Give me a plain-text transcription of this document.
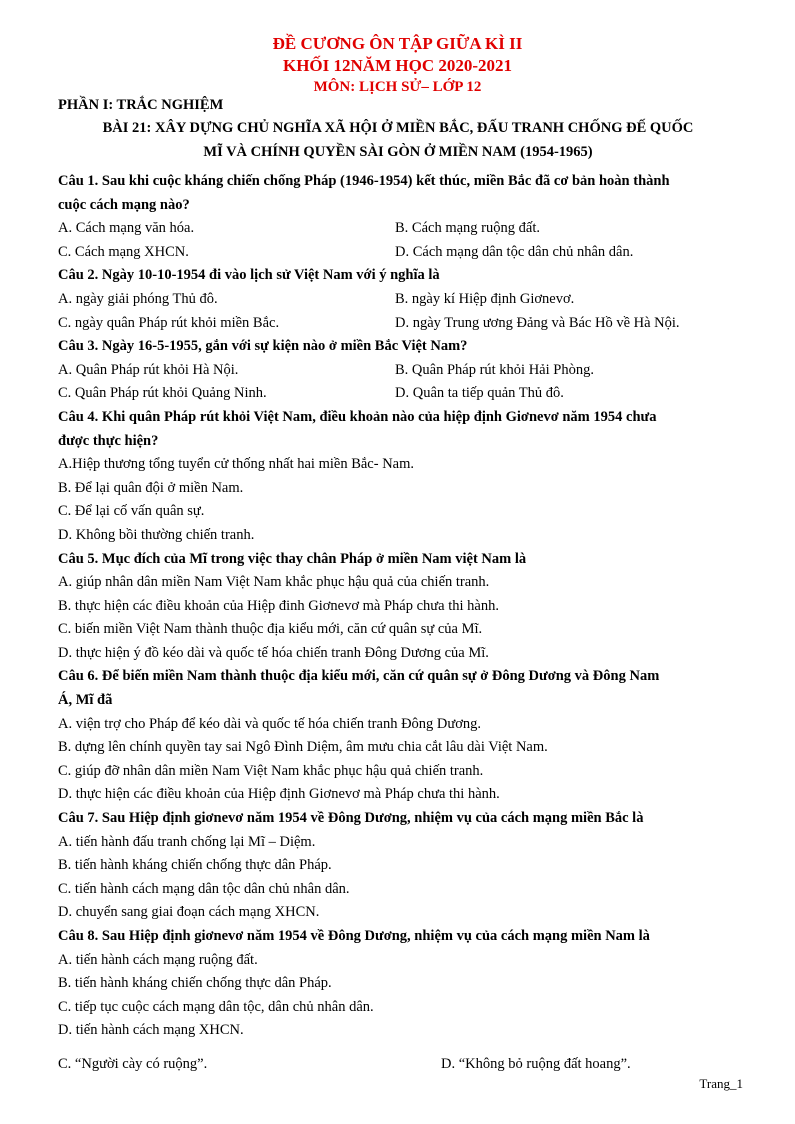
ĐỀ CƯƠNG ÔN TẬP GIỮA KÌ II
KHỐI 12NĂM HỌC 2020-2021
MÔN: LỊCH SỬ– LỚP 12
PHẦN I: TRẮC NGHIỆM
BÀI 21: XÂY DỰNG CHỦ NGHĨA XÃ HỘI Ở MIỀN BẮC, ĐẤU TRANH CHỐNG ĐẾ QUỐC
MĨ VÀ CHÍNH QUYỀN SÀI GÒN Ở MIỀN NAM (1954-1965)
Câu 1. Sau khi cuộc kháng chiến chống Pháp (1946-1954) kết thúc, miền Bắc đã cơ bản hoàn thành
cuộc cách mạng nào?
A. Cách mạng văn hóa.	B. Cách mạng ruộng đất.
C. Cách mạng XHCN.	D. Cách mạng dân tộc dân chủ nhân dân.
Câu 2. Ngày 10-10-1954 đi vào lịch sử Việt Nam với ý nghĩa là
A. ngày giải phóng Thủ đô.	B. ngày kí Hiệp định Giơnevơ.
C. ngày quân Pháp rút khỏi miền Bắc.	D. ngày Trung ương Đảng và Bác Hồ về Hà Nội.
Câu 3. Ngày 16-5-1955, gắn với sự kiện nào ở miền Bắc Việt Nam?
A. Quân Pháp rút khỏi Hà Nội.	B. Quân Pháp rút khỏi Hải Phòng.
C. Quân Pháp rút khỏi Quảng Ninh.	D. Quân ta tiếp quản Thủ đô.
Câu 4. Khi quân Pháp rút khỏi Việt Nam, điều khoản nào của hiệp định Giơnevơ năm 1954 chưa
được thực hiện?
A.Hiệp thương tổng tuyển cử thống nhất hai miền Bắc- Nam.
B. Để lại quân đội ở miền Nam.
C. Để lại cố vấn quân sự.
D. Không bồi thường chiến tranh.
Câu 5. Mục đích của Mĩ trong việc thay chân Pháp ở miền Nam việt Nam là
A. giúp nhân dân miền Nam Việt Nam khắc phục hậu quả của chiến tranh.
B. thực hiện các điều khoản của Hiệp đinh Giơnevơ mà Pháp chưa thi hành.
C. biến miền Việt Nam thành thuộc địa kiểu mới, căn cứ quân sự của Mĩ.
D. thực hiện ý đồ kéo dài và quốc tế hóa chiến tranh Đông Dương của Mĩ.
Câu 6. Để biến miền Nam thành thuộc địa kiểu mới, căn cứ quân sự ở Đông Dương và Đông Nam
Á, Mĩ đã
A. viện trợ cho Pháp để kéo dài và quốc tế hóa chiến tranh Đông Dương.
B. dựng lên chính quyền tay sai Ngô Đình Diệm, âm mưu chia cắt lâu dài Việt Nam.
C. giúp đỡ nhân dân miền Nam Việt Nam khắc phục hậu quả chiến tranh.
D. thực hiện các điều khoản của Hiệp định Giơnevơ mà Pháp chưa thi hành.
Câu 7. Sau Hiệp định giơnevơ năm 1954 về Đông Dương, nhiệm vụ của cách mạng miền Bắc là
A. tiến hành đấu tranh chống lại Mĩ – Diệm.
B. tiến hành kháng chiến chống thực dân Pháp.
C. tiến hành cách mạng dân tộc dân chủ nhân dân.
D. chuyển sang giai đoạn cách mạng XHCN.
Câu 8. Sau Hiệp định giơnevơ năm 1954 về Đông Dương, nhiệm vụ của cách mạng miền Nam là
A. tiến hành cách mạng ruộng đất.
B. tiến hành kháng chiến chống thực dân Pháp.
C. tiếp tục cuộc cách mạng dân tộc, dân chủ nhân dân.
D. tiến hành cách mạng XHCN.
C. “Người cày có ruộng”.	D. “Không bỏ ruộng đất hoang”.
Trang_1
